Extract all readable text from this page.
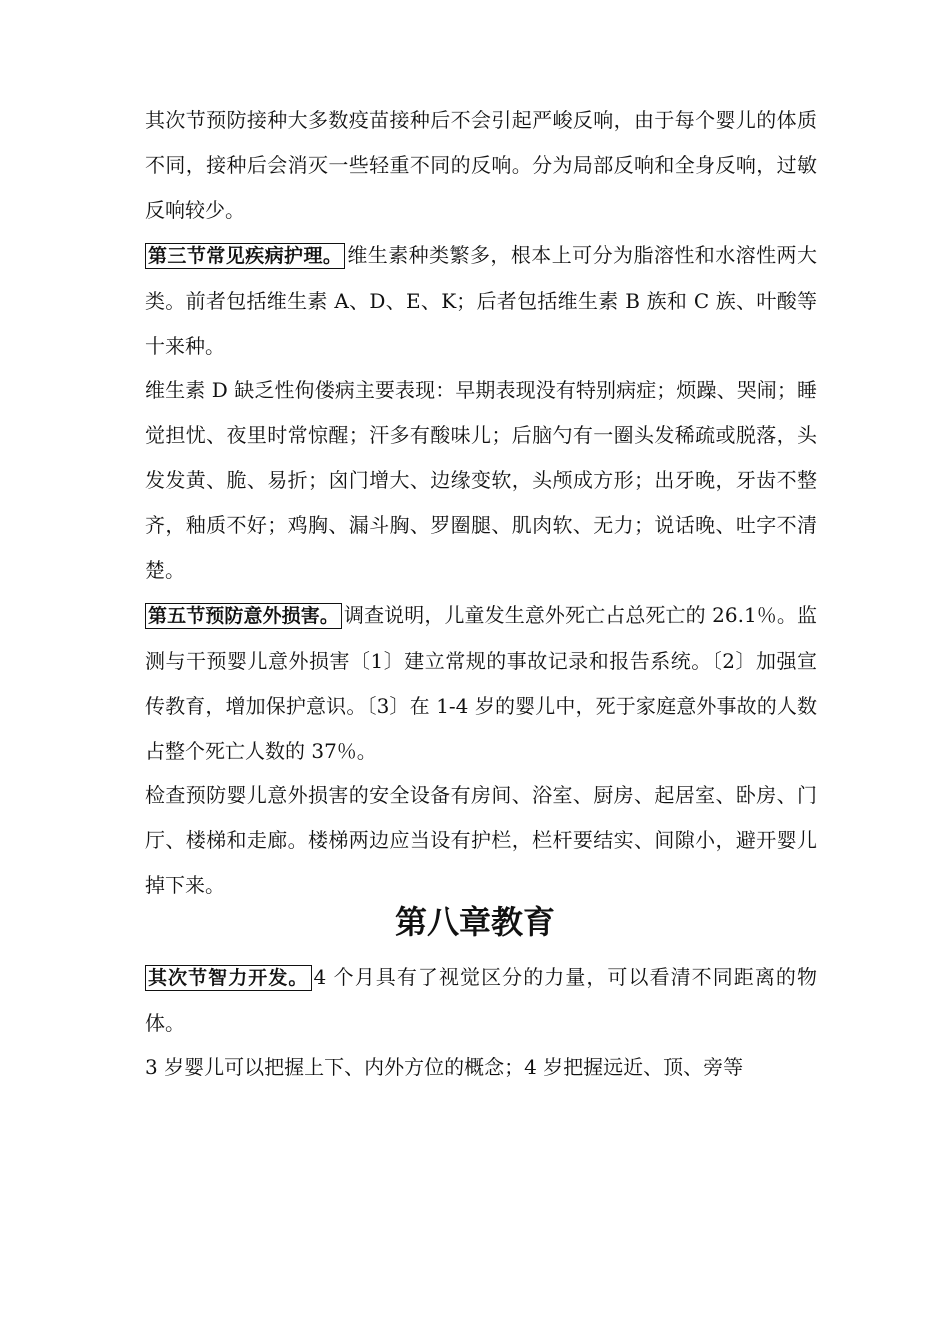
其次节预防接种大多数疫苗接种后不会引起严峻反响，由于每个婴儿的体质不同，接种后会消灭一些轻重不同的反响。分为局部反响和全身反响，过敏反响较少。

第三节常见疾病护理。 维生素种类繁多，根本上可分为脂溶性和水溶性两大类。前者包括维生素 A、D、E、K；后者包括维生素 B 族和 C 族、叶酸等十来种。

维生素 D 缺乏性佝偻病主要表现：早期表现没有特别病症；烦躁、哭闹；睡觉担忧、夜里时常惊醒；汗多有酸味儿；后脑勺有一圈头发稀疏或脱落，头发发黄、脆、易折；囟门增大、边缘变软，头颅成方形；出牙晚，牙齿不整齐，釉质不好；鸡胸、漏斗胸、罗圈腿、肌肉软、无力；说话晚、吐字不清楚。

第五节预防意外损害。 调查说明，儿童发生意外死亡占总死亡的 26.1％。监测与干预婴儿意外损害〔1〕建立常规的事故记录和报告系统。〔2〕加强宣传教育，增加保护意识。〔3〕在 1-4 岁的婴儿中，死于家庭意外事故的人数占整个死亡人数的 37％。

检查预防婴儿意外损害的安全设备有房间、浴室、厨房、起居室、卧房、门厅、楼梯和走廊。楼梯两边应当设有护栏，栏杆要结实、间隙小，避开婴儿掉下来。

第八章教育

其次节智力开发。 4 个月具有了视觉区分的力量，可以看清不同距离的物体。

3 岁婴儿可以把握上下、内外方位的概念；4 岁把握远近、顶、旁等
